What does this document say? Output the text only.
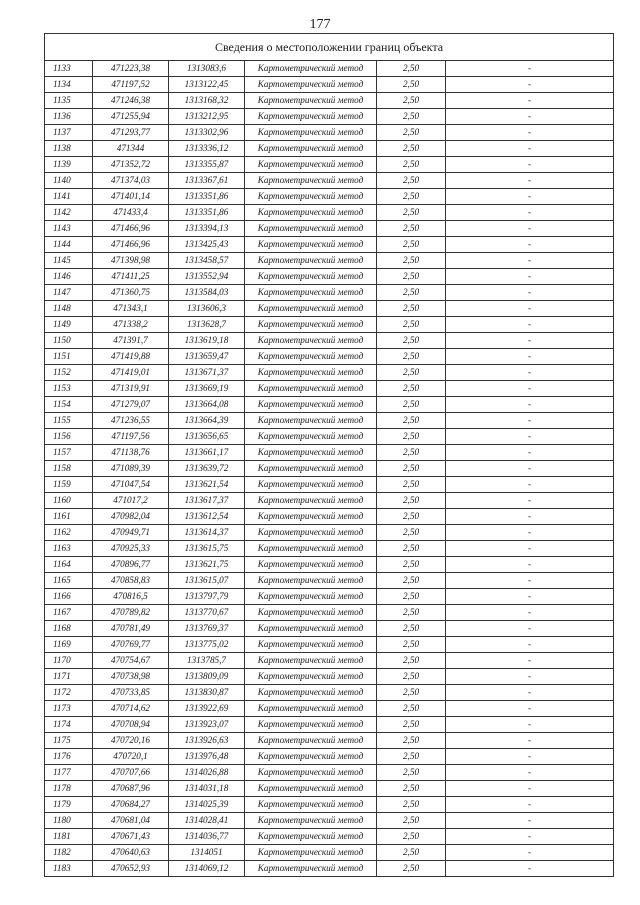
177
Сведения о местоположении границ объекта					
1133	471223,38	1313083,6	Картометрический метод	2,50	-
1134	471197,52	1313122,45	Картометрический метод	2,50	-
1135	471246,38	1313168,32	Картометрический метод	2,50	-
1136	471255,94	1313212,95	Картометрический метод	2,50	-
1137	471293,77	1313302,96	Картометрический метод	2,50	-
1138	471344	1313336,12	Картометрический метод	2,50	-
1139	471352,72	1313355,87	Картометрический метод	2,50	-
1140	471374,03	1313367,61	Картометрический метод	2,50	-
1141	471401,14	1313351,86	Картометрический метод	2,50	-
1142	471433,4	1313351,86	Картометрический метод	2,50	-
1143	471466,96	1313394,13	Картометрический метод	2,50	-
1144	471466,96	1313425,43	Картометрический метод	2,50	-
1145	471398,98	1313458,57	Картометрический метод	2,50	-
1146	471411,25	1313552,94	Картометрический метод	2,50	-
1147	471360,75	1313584,03	Картометрический метод	2,50	-
1148	471343,1	1313606,3	Картометрический метод	2,50	-
1149	471338,2	1313628,7	Картометрический метод	2,50	-
1150	471391,7	1313619,18	Картометрический метод	2,50	-
1151	471419,88	1313659,47	Картометрический метод	2,50	-
1152	471419,01	1313671,37	Картометрический метод	2,50	-
1153	471319,91	1313669,19	Картометрический метод	2,50	-
1154	471279,07	1313664,08	Картометрический метод	2,50	-
1155	471236,55	1313664,39	Картометрический метод	2,50	-
1156	471197,56	1313656,65	Картометрический метод	2,50	-
1157	471138,76	1313661,17	Картометрический метод	2,50	-
1158	471089,39	1313639,72	Картометрический метод	2,50	-
1159	471047,54	1313621,54	Картометрический метод	2,50	-
1160	471017,2	1313617,37	Картометрический метод	2,50	-
1161	470982,04	1313612,54	Картометрический метод	2,50	-
1162	470949,71	1313614,37	Картометрический метод	2,50	-
1163	470925,33	1313615,75	Картометрический метод	2,50	-
1164	470896,77	1313621,75	Картометрический метод	2,50	-
1165	470858,83	1313615,07	Картометрический метод	2,50	-
1166	470816,5	1313797,79	Картометрический метод	2,50	-
1167	470789,82	1313770,67	Картометрический метод	2,50	-
1168	470781,49	1313769,37	Картометрический метод	2,50	-
1169	470769,77	1313775,02	Картометрический метод	2,50	-
1170	470754,67	1313785,7	Картометрический метод	2,50	-
1171	470738,98	1313809,09	Картометрический метод	2,50	-
1172	470733,85	1313830,87	Картометрический метод	2,50	-
1173	470714,62	1313922,69	Картометрический метод	2,50	-
1174	470708,94	1313923,07	Картометрический метод	2,50	-
1175	470720,16	1313926,63	Картометрический метод	2,50	-
1176	470720,1	1313976,48	Картометрический метод	2,50	-
1177	470707,66	1314026,88	Картометрический метод	2,50	-
1178	470687,96	1314031,18	Картометрический метод	2,50	-
1179	470684,27	1314025,39	Картометрический метод	2,50	-
1180	470681,04	1314028,41	Картометрический метод	2,50	-
1181	470671,43	1314036,77	Картометрический метод	2,50	-
1182	470640,63	1314051	Картометрический метод	2,50	-
1183	470652,93	1314069,12	Картометрический метод	2,50	-
